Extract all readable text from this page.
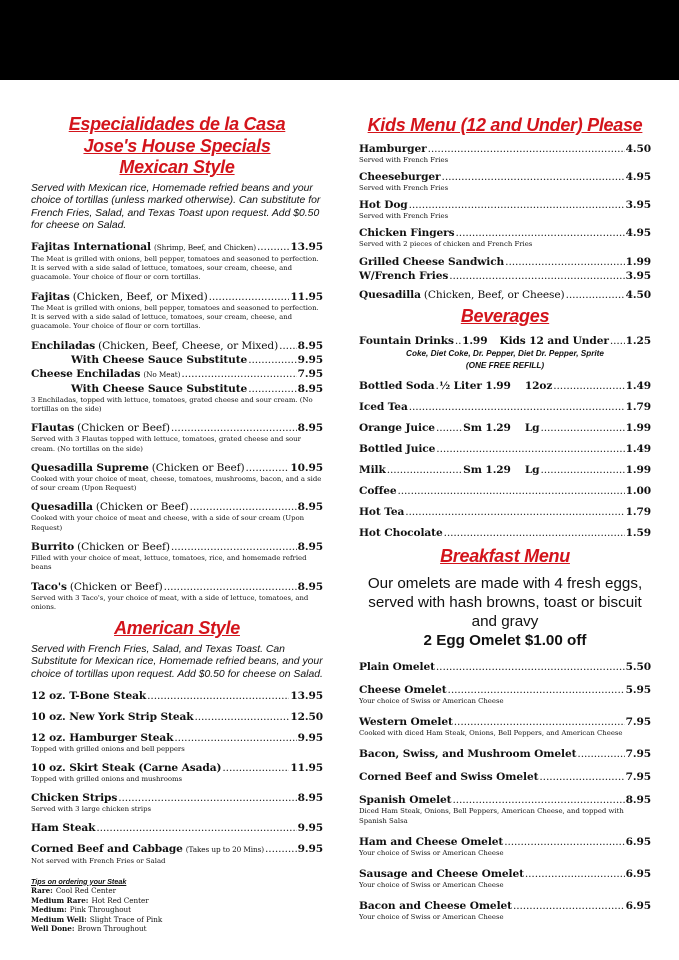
Especialidades de la Casa
Jose's House Specials
Mexican Style
Served with Mexican rice, Homemade refried beans and your choice of tortillas (unless marked otherwise). Can substitute for French Fries, Salad, and Texas Toast upon request. Add $0.50 for cheese on Salad.
Fajitas International (Shrimp, Beef, and Chicken) .....	13.95
The Meat is grilled with onions, bell pepper, tomatoes and seasoned to perfection. It is served with a side salad of lettuce, tomatoes, sour cream, cheese, and guacamole. Your choice of flour or corn tortillas.
Fajitas (Chicken, Beef, or Mixed) .....	11.95
The Meat is grilled with onions, bell pepper, tomatoes and seasoned to perfection. It is served with a side salad of lettuce, tomatoes, sour cream, cheese, and guacamole. Your choice of flour or corn tortillas.
Enchiladas (Chicken, Beef, Cheese, or Mixed) ..... 8.95
With Cheese Sauce Substitute .....	9.95
Cheese Enchiladas (No Meat) .....	7.95
With Cheese Sauce Substitute .....	8.95
3 Enchiladas, topped with lettuce, tomatoes, grated cheese and sour cream. (No tortillas on the side)
Flautas (Chicken or Beef) .....	8.95
Served with 3 Flautas topped with lettuce, tomatoes, grated cheese and sour cream. (No tortillas on the side)
Quesadilla Supreme (Chicken or Beef) .....	10.95
Cooked with your choice of meat, cheese, tomatoes, mushrooms, bacon, and a side of sour cream (Upon Request)
Quesadilla (Chicken or Beef) .....	8.95
Cooked with your choice of meat and cheese, with a side of sour cream (Upon Request)
Burrito (Chicken or Beef) .....	8.95
Filled with your choice of meat, lettuce, tomatoes, rice, and homemade refried beans
Taco's (Chicken or Beef) .....	8.95
Served with 3 Taco's, your choice of meat, with a side of lettuce, tomatoes, and onions.
American Style
Served with French Fries, Salad, and Texas Toast. Can Substitute for Mexican rice, Homemade refried beans, and your choice of tortillas upon request. Add $0.50 for cheese on Salad.
12 oz. T-Bone Steak .....	13.95
10 oz. New York Strip Steak .....	12.50
12 oz. Hamburger Steak .....	9.95
Topped with grilled onions and bell peppers
10 oz. Skirt Steak (Carne Asada) .....	11.95
Topped with grilled onions and mushrooms
Chicken Strips .....	8.95
Served with 3 large chicken strips
Ham Steak .....	9.95
Corned Beef and Cabbage (Takes up to 20 Mins) .....	9.95
Not served with French Fries or Salad
Tips on ordering your Steak
Rare: Cool Red Center
Medium Rare: Hot Red Center
Medium: Pink Throughout
Medium Well: Slight Trace of Pink
Well Done: Brown Throughout
Kids Menu (12 and Under) Please
Hamburger .....	4.50
Served with French Fries
Cheeseburger .....	4.95
Served with French Fries
Hot Dog .....	3.95
Served with French Fries
Chicken Fingers .....	4.95
Served with 2 pieces of chicken and French Fries
Grilled Cheese Sandwich .....	1.99
W/French Fries .....	3.95
Quesadilla (Chicken, Beef, or Cheese) .....	4.50
Beverages
Fountain Drinks ..... 1.99 Kids 12 and Under ..... 1.25
Coke, Diet Coke, Dr. Pepper, Diet Dr. Pepper, Sprite
(ONE FREE REFILL)
Bottled Soda ..... ½ Liter 1.99 12oz .....	1.49
Iced Tea .....	1.79
Orange Juice .....	Sm 1.29 Lg .....	1.99
Bottled Juice .....	1.49
Milk .....	Sm 1.29 Lg .....	1.99
Coffee .....	1.00
Hot Tea .....	1.79
Hot Chocolate .....	1.59
Breakfast Menu
Our omelets are made with 4 fresh eggs, served with hash browns, toast or biscuit and gravy
2 Egg Omelet $1.00 off
Plain Omelet .....	5.50
Cheese Omelet .....	5.95
Your choice of Swiss or American Cheese
Western Omelet .....	7.95
Cooked with diced Ham Steak, Onions, Bell Peppers, and American Cheese
Bacon, Swiss, and Mushroom Omelet .....	7.95
Corned Beef and Swiss Omelet .....	7.95
Spanish Omelet .....	8.95
Diced Ham Steak, Onions, Bell Peppers, American Cheese, and topped with Spanish Salsa
Ham and Cheese Omelet .....	6.95
Your choice of Swiss or American Cheese
Sausage and Cheese Omelet .....	6.95
Your choice of Swiss or American Cheese
Bacon and Cheese Omelet .....	6.95
Your choice of Swiss or American Cheese
